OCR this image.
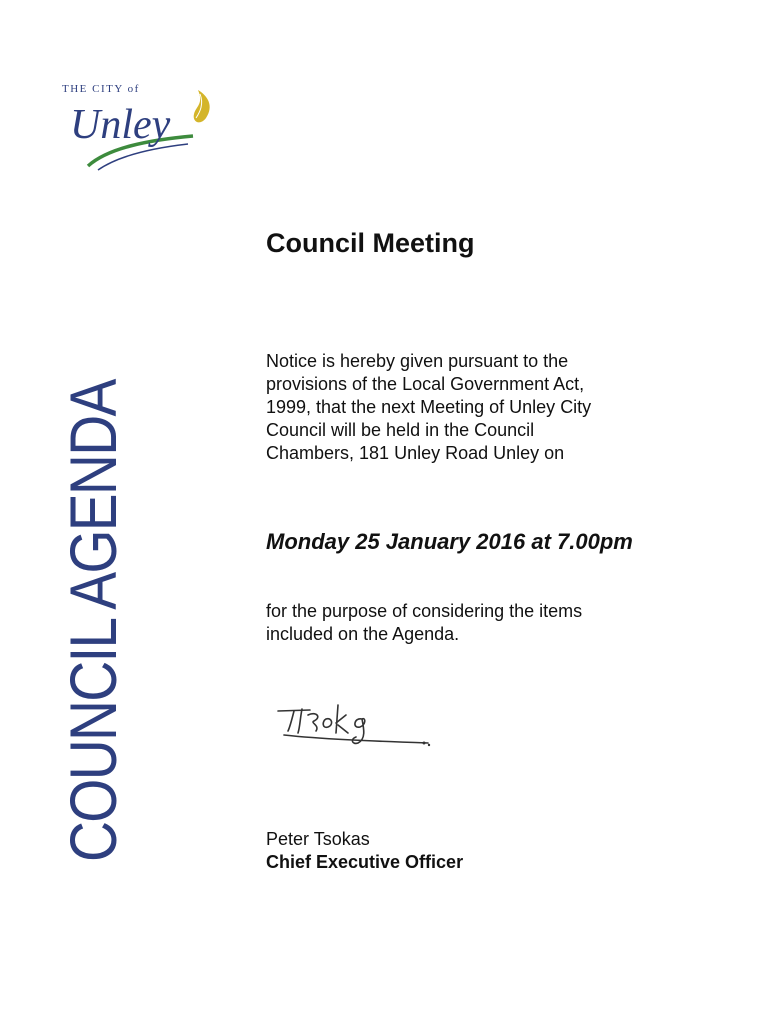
THE CITY of
Unley
COUNCIL AGENDA
Council Meeting
Notice is hereby given pursuant to the
provisions of the Local Government Act,
1999, that the next Meeting of Unley City
Council will be held in the Council
Chambers, 181 Unley Road Unley on
Monday 25 January 2016 at 7.00pm
for the purpose of considering the items
included on the Agenda.
Peter Tsokas
Chief Executive Officer
